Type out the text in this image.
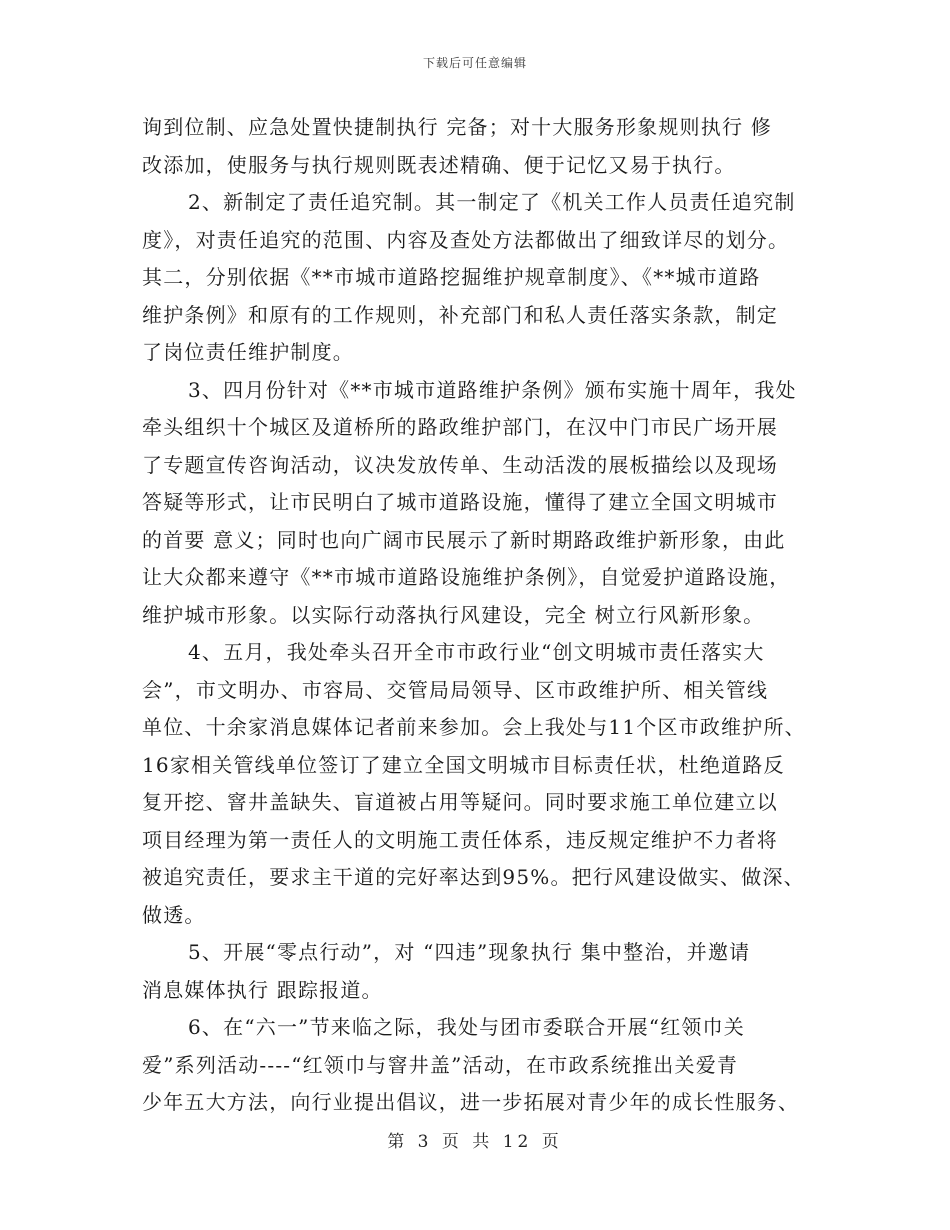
下载后可任意编辑
询到位制、应急处置快捷制执行 完备；对十大服务形象规则执行 修
改添加，使服务与执行规则既表述精确、便于记忆又易于执行。
2、新制定了责任追究制。其一制定了《机关工作人员责任追究制
度》，对责任追究的范围、内容及查处方法都做出了细致详尽的划分。
其二，分别依据《**市城市道路挖掘维护规章制度》、《**城市道路
维护条例》和原有的工作规则，补充部门和私人责任落实条款，制定
了岗位责任维护制度。
3、四月份针对《**市城市道路维护条例》颁布实施十周年，我处
牵头组织十个城区及道桥所的路政维护部门，在汉中门市民广场开展
了专题宣传咨询活动，议决发放传单、生动活泼的展板描绘以及现场
答疑等形式，让市民明白了城市道路设施，懂得了建立全国文明城市
的首要 意义；同时也向广阔市民展示了新时期路政维护新形象，由此
让大众都来遵守《**市城市道路设施维护条例》，自觉爱护道路设施，
维护城市形象。以实际行动落执行风建设，完全 树立行风新形象。
4、五月，我处牵头召开全市市政行业“创文明城市责任落实大
会”，市文明办、市容局、交管局局领导、区市政维护所、相关管线
单位、十余家消息媒体记者前来参加。会上我处与11个区市政维护所、
16家相关管线单位签订了建立全国文明城市目标责任状，杜绝道路反
复开挖、窨井盖缺失、盲道被占用等疑问。同时要求施工单位建立以
项目经理为第一责任人的文明施工责任体系，违反规定维护不力者将
被追究责任，要求主干道的完好率达到95%。把行风建设做实、做深、
做透。
5、开展“零点行动”，对 “四违”现象执行 集中整治，并邀请
消息媒体执行 跟踪报道。
6、在“六一”节来临之际，我处与团市委联合开展“红领巾关
爱”系列活动----“红领巾与窨井盖”活动，在市政系统推出关爱青
少年五大方法，向行业提出倡议，进一步拓展对青少年的成长性服务、
第 3 页 共 12 页
